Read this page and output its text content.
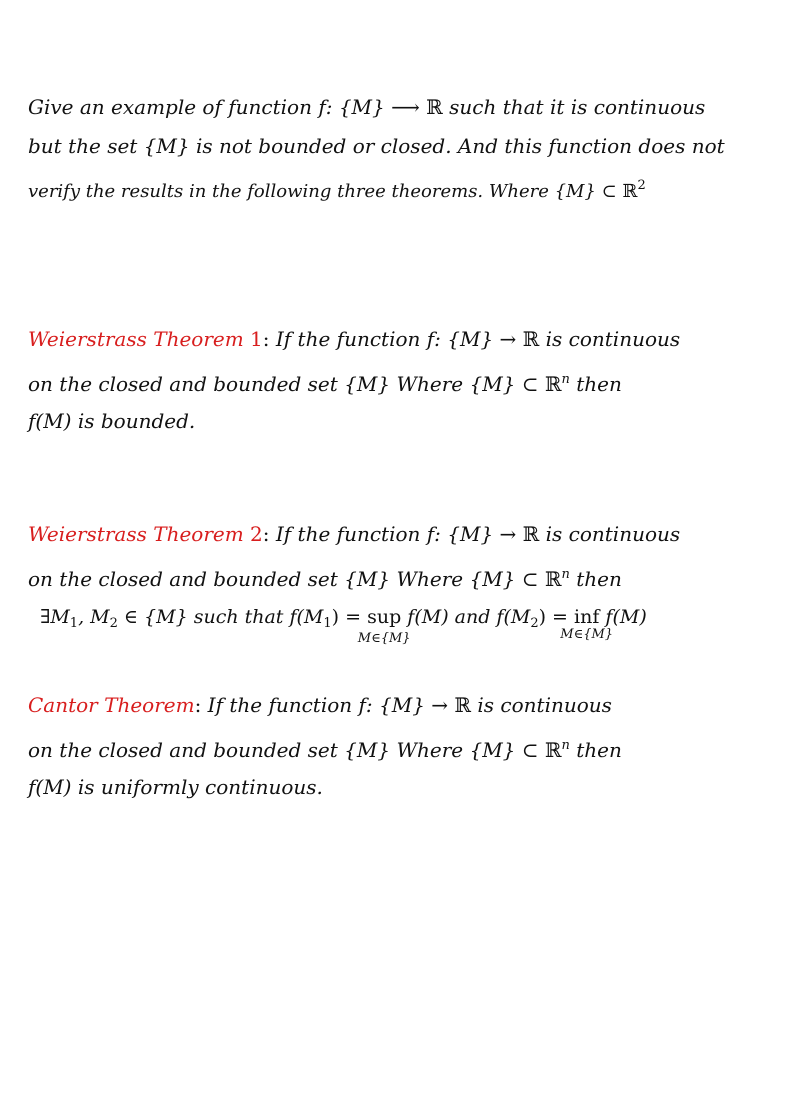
Give an example of function f: {M} ⟶ ℝ such that it is continuous
but the set {M} is not bounded or closed. And this function does not
verify the results in the following three theorems. Where {M} ⊂ ℝ$^2$
Weierstrass Theorem 1: If the function f: {M} → ℝ is continuous
on the closed and bounded set {M} Where {M} ⊂ ℝ$^n$ then
f(M) is bounded.
Weierstrass Theorem 2: If the function f: {M} → ℝ is continuous
on the closed and bounded set {M} Where {M} ⊂ ℝ$^n$ then
$\exists M_1$, $M_2$ ∈ {M} such that $f(M_1)$ = sup
M∈{M}
f(M) and $f(M_2)$ = inf
M∈{M}
f(M)
Cantor Theorem: If the function f: {M} → ℝ is continuous
on the closed and bounded set {M} Where {M} ⊂ ℝ$^n$ then
f(M) is uniformly continuous.
